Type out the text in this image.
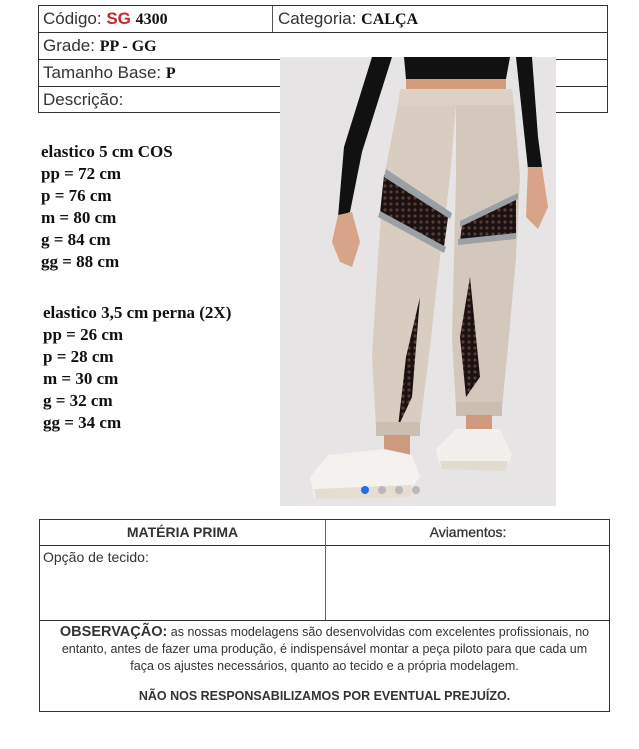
Código: SG 4300	Categoria: CALÇA
Grade: PP - GG
Tamanho Base: P
Descrição:
elastico 5 cm COS
pp = 72 cm
p = 76 cm
m = 80 cm
g = 84 cm
gg = 88 cm
elastico 3,5 cm perna (2X)
pp = 26 cm
p = 28 cm
m = 30 cm
g = 32 cm
gg = 34 cm
MATÉRIA PRIMA	Aviamentos:
Opção de tecido:
OBSERVAÇÃO: as nossas modelagens são desenvolvidas com excelentes profissionais, no
entanto, antes de fazer uma produção, é indispensável montar a peça piloto para que cada um
faça os ajustes necessários, quanto ao tecido e a própria modelagem.
NÃO NOS RESPONSABILIZAMOS POR EVENTUAL PREJUÍZO.
